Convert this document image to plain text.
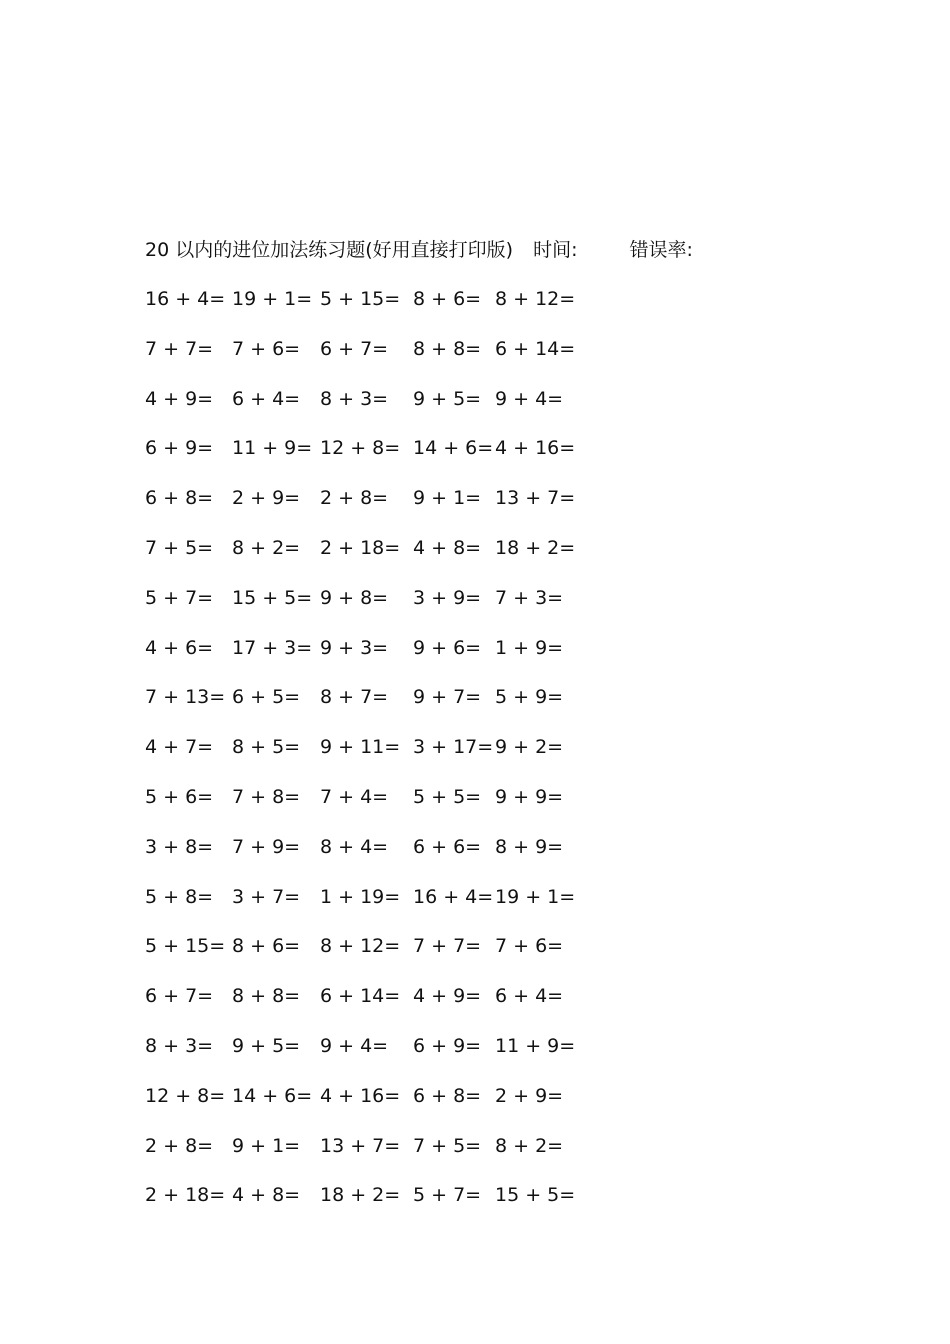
20 以内的进位加法练习题(好用直接打印版) 时间:	错误率:
16 + 4= 19 + 1= 5 + 15= 8 + 6= 8 + 12=
7 + 7= 7 + 6= 6 + 7= 8 + 8= 6 + 14=
4 + 9= 6 + 4= 8 + 3= 9 + 5= 9 + 4=
6 + 9= 11 + 9= 12 + 8= 14 + 6= 4 + 16=
6 + 8= 2 + 9= 2 + 8= 9 + 1= 13 + 7=
7 + 5= 8 + 2= 2 + 18= 4 + 8= 18 + 2=
5 + 7= 15 + 5= 9 + 8= 3 + 9= 7 + 3=
4 + 6= 17 + 3= 9 + 3= 9 + 6= 1 + 9=
7 + 13= 6 + 5= 8 + 7= 9 + 7= 5 + 9=
4 + 7= 8 + 5= 9 + 11= 3 + 17= 9 + 2=
5 + 6= 7 + 8= 7 + 4= 5 + 5= 9 + 9=
3 + 8= 7 + 9= 8 + 4= 6 + 6= 8 + 9=
5 + 8= 3 + 7= 1 + 19= 16 + 4= 19 + 1=
5 + 15= 8 + 6= 8 + 12= 7 + 7= 7 + 6=
6 + 7= 8 + 8= 6 + 14= 4 + 9= 6 + 4=
8 + 3= 9 + 5= 9 + 4= 6 + 9= 11 + 9=
12 + 8= 14 + 6= 4 + 16= 6 + 8= 2 + 9=
2 + 8= 9 + 1= 13 + 7= 7 + 5= 8 + 2=
2 + 18= 4 + 8= 18 + 2= 5 + 7= 15 + 5=
